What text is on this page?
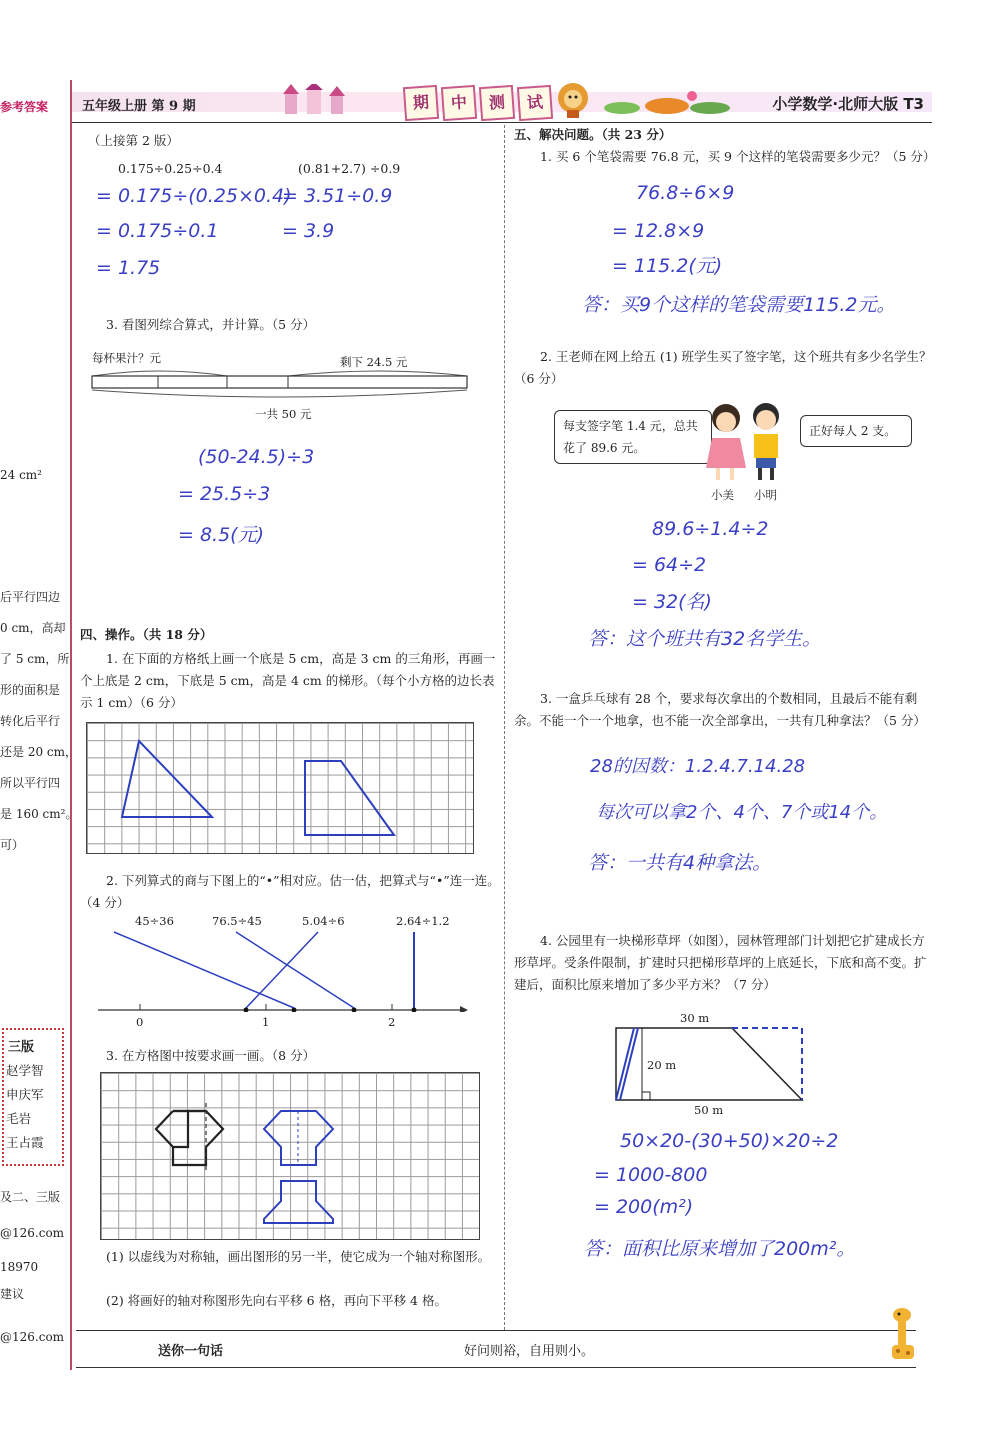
参考答案
24 cm²
后平行四边
0 cm，高却
了 5 cm，所
形的面积是
转化后平行
还是 20 cm，
所以平行四
是 160 cm²。
可）
及二、三版
@126.com
18970
建议
@126.com
三版
赵学智
申庆军
毛岩
王占霞
五年级上册 第 9 期	期	中	测	试	小学数学·北师大版 T3
（上接第 2 版）
0.175÷0.25÷0.4
= 0.175÷(0.25×0.4)
= 0.175÷0.1
= 1.75
(0.81+2.7) ÷0.9
= 3.51÷0.9
= 3.9
3. 看图列综合算式，并计算。（5 分）
每杯果汁？元	剩下 24.5 元
一共 50 元
(50-24.5)÷3
= 25.5÷3
= 8.5(元)
四、操作。（共 18 分）
1. 在下面的方格纸上画一个底是 5 cm，高是 3 cm 的三角形，再画一个上底是 2 cm，下底是 5 cm，高是 4 cm 的梯形。（每个小方格的边长表示 1 cm）（6 分）
2. 下列算式的商与下图上的“•”相对应。估一估，把算式与“•”连一连。（4 分）
45÷36	76.5÷45	5.04÷6	2.64÷1.2
0	1	2
3. 在方格图中按要求画一画。（8 分）
(1) 以虚线为对称轴，画出图形的另一半，使它成为一个轴对称图形。
(2) 将画好的轴对称图形先向右平移 6 格，再向下平移 4 格。
五、解决问题。（共 23 分）
1. 买 6 个笔袋需要 76.8 元，买 9 个这样的笔袋需要多少元？（5 分）
76.8÷6×9
= 12.8×9
= 115.2(元)
答：买9个这样的笔袋需要115.2元。
2. 王老师在网上给五 (1) 班学生买了签字笔，这个班共有多少名学生？（6 分）
每支签字笔 1.4 元，总共花了 89.6 元。
正好每人 2 支。
小美 小明
89.6÷1.4÷2
= 64÷2
= 32(名)
答：这个班共有32名学生。
3. 一盒乒乓球有 28 个，要求每次拿出的个数相同，且最后不能有剩余。不能一个一个地拿，也不能一次全部拿出，一共有几种拿法？（5 分）
28的因数：1.2.4.7.14.28
每次可以拿2个、4个、7个或14个。
答：一共有4种拿法。
4. 公园里有一块梯形草坪（如图），园林管理部门计划把它扩建成长方形草坪。受条件限制，扩建时只把梯形草坪的上底延长，下底和高不变。扩建后，面积比原来增加了多少平方米？（7 分）
30 m
20 m
50 m
50×20-(30+50)×20÷2
= 1000-800
= 200(m²)
答：面积比原来增加了200m²。
送你一句话	好问则裕，自用则小。
